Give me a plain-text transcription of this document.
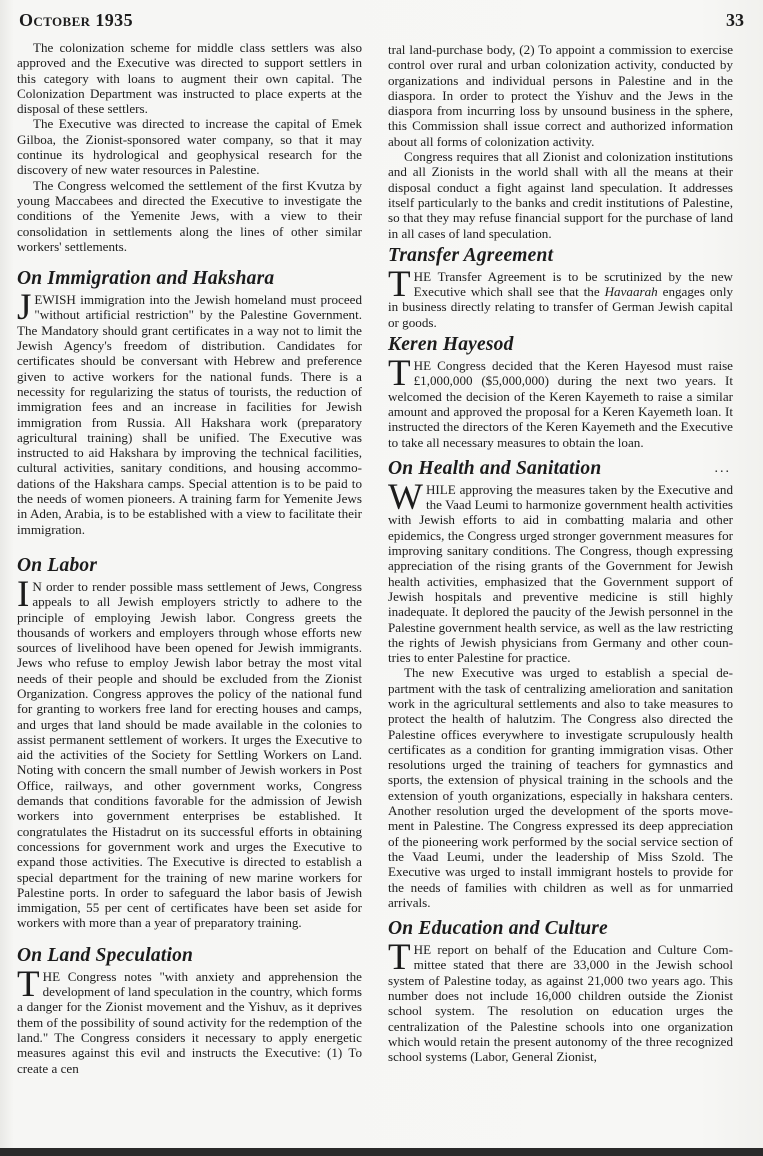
October 1935	33

The colonization scheme for middle class settlers was also approved and the Executive was directed to support settlers in this category with loans to augment their own capital. The Colonization Department was instructed to place experts at the disposal of these settlers.

The Executive was directed to increase the capital of Emek Gilboa, the Zionist-sponsored water company, so that it may continue its hydrological and geophysical research for the discovery of new water resources in Palestine.

The Congress welcomed the settlement of the first Kvutza by young Maccabees and directed the Executive to investigate the conditions of the Yemenite Jews, with a view to their consolidation in settlements along the lines of other similar workers' settlements.

On Immigration and Hakshara

JEWISH immigration into the Jewish homeland must proceed "without artificial restriction" by the Palestine Government. The Mandatory should grant certificates in a way not to limit the Jewish Agency's freedom of distribution. Candidates for certificates should be conversant with Hebrew and preference given to active workers for the national funds. There is a necessity for regularizing the status of tourists, the reduction of immigration fees and an increase in facilities for Jewish immigration from Russia. All Hakshara work (preparatory agricultural training) shall be unified. The Executive was instructed to aid Hakshara by improving the technical facilities, cultural activities, sanitary conditions, and housing accommodations of the Hakshara camps. Special attention is to be paid to the needs of women pioneers. A training farm for Yemenite Jews in Aden, Arabia, is to be established with a view to facilitate their immigration.

On Labor

I N order to render possible mass settlement of Jews, Congress appeals to all Jewish employers strictly to adhere to the principle of employing Jewish labor. Congress greets the thousands of workers and employers through whose efforts new sources of livelihood have been opened for Jewish immigrants. Jews who refuse to employ Jewish labor betray the most vital needs of their people and should be excluded from the Zionist Organization. Congress approves the policy of the national fund for granting to workers free land for erecting houses and camps, and urges that land should be made available in the colonies to assist permanent settlement of workers. It urges the Executive to aid the activities of the Society for Settling Workers on Land. Noting with concern the small number of Jewish workers in Post Office, railways, and other government works, Congress demands that conditions favorable for the admission of Jewish workers into government enterprises be established. It congratulates the Histadrut on its successful efforts in obtaining concessions for government work and urges the Executive to expand those activities. The Executive is directed to establish a special department for the training of new marine workers for Palestine ports. In order to safeguard the labor basis of Jewish immigation, 55 per cent of certificates have been set aside for workers with more than a year of preparatory training.

On Land Speculation

THE Congress notes "with anxiety and apprehension the development of land speculation in the country, which forms a danger for the Zionist movement and the Yishuv, as it deprives them of the possibility of sound activity for the redemption of the land." The Congress considers it necessary to apply energetic measures against this evil and instructs the Executive: (1) To create a cen

tral land-purchase body, (2) To appoint a commission to exercise control over rural and urban colonization activity, conducted by organizations and individual persons in Palestine and in the diaspora. In order to protect the Yishuv and the Jews in the diaspora from incurring loss by unsound business in the sphere, this Commission shall issue correct and authorized information about all forms of colonization activity.

Congress requires that all Zionist and colonization institutions and all Zionists in the world shall with all the means at their disposal conduct a fight against land speculation. It addresses itself particularly to the banks and credit institutions of Palestine, so that they may refuse financial support for the purchase of land in all cases of land speculation.

Transfer Agreement

THE Transfer Agreement is to be scrutinized by the new Executive which shall see that the Havaarah engages only in business directly relating to transfer of German Jewish capital or goods.

Keren Hayesod

THE Congress decided that the Keren Hayesod must raise £1,000,000 ($5,000,000) during the next two years. It welcomed the decision of the Keren Kayemeth to raise a similar amount and approved the proposal for a Keren Kayemeth loan. It instructed the directors of the Keren Kayemeth and the Executive to take all necessary measures to obtain the loan.

On Health and Sanitation	...

WHILE approving the measures taken by the Executive and the Vaad Leumi to harmonize government health activities with Jewish efforts to aid in combatting malaria and other epidemics, the Congress urged stronger government measures for improving sanitary conditions. The Congress, though expressing appreciation of the rising grants of the Government for Jewish health activities, emphasized that the Government support of Jewish hospitals and preventive medicine is still highly inadequate. It deplored the paucity of the Jewish personnel in the Palestine government health service, as well as the law restricting the rights of Jewish physicians from Germany and other countries to enter Palestine for practice.

The new Executive was urged to establish a special department with the task of centralizing amelioration and sanitation work in the agricultural settlements and also to take measures to protect the health of halutzim. The Congress also directed the Palestine offices everywhere to investigate scrupulously health certificates as a condition for granting immigration visas. Other resolutions urged the training of teachers for gymnastics and sports, the extension of physical training in the schools and the extension of youth organizations, especially in hakshara centers. Another resolution urged the development of the sports movement in Palestine. The Congress expressed its deep appreciation of the pioneering work performed by the social service section of the Vaad Leumi, under the leadership of Miss Szold. The Executive was urged to install immigrant hostels to provide for the needs of families with children as well as for unmarried arrivals.

On Education and Culture

THE report on behalf of the Education and Culture Committee stated that there are 33,000 in the Jewish school system of Palestine today, as against 21,000 two years ago. This number does not include 16,000 children outside the Zionist school system. The resolution on education urges the centralization of the Palestine schools into one organization which would retain the present autonomy of the three recognized school systems (Labor, General Zionist,
